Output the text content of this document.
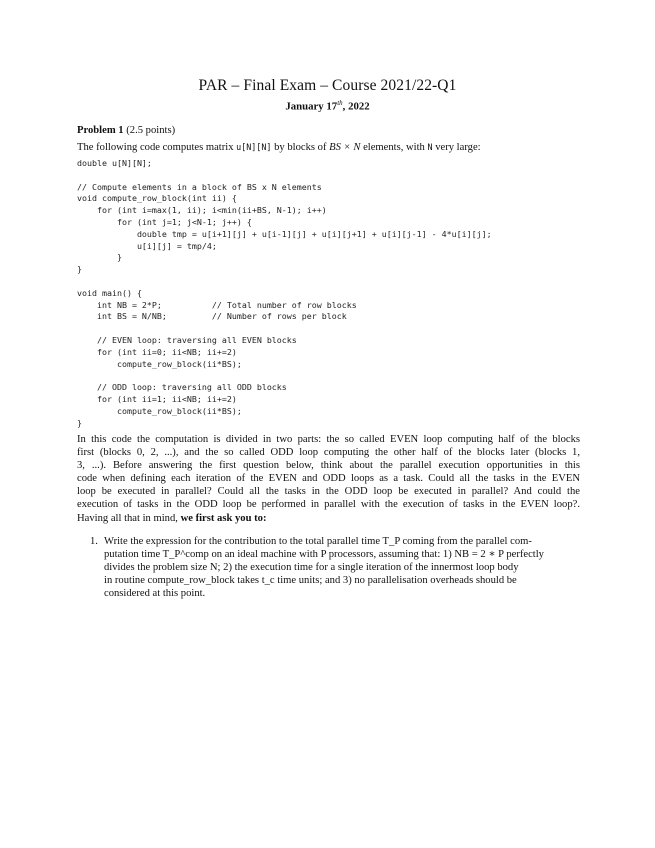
PAR – Final Exam – Course 2021/22-Q1
January 17th, 2022
Problem 1 (2.5 points)
The following code computes matrix u[N][N] by blocks of BS × N elements, with N very large:
double u[N][N];

// Compute elements in a block of BS x N elements
void compute_row_block(int ii) {
for (int i=max(1, ii); i<min(ii+BS, N-1); i++)
for (int j=1; j<N-1; j++) {
double tmp = u[i+1][j] + u[i-1][j] + u[i][j+1] + u[i][j-1] - 4*u[i][j];
u[i][j] = tmp/4;
}
}

void main() {
int NB = 2*P;          // Total number of row blocks
int BS = N/NB;         // Number of rows per block

// EVEN loop: traversing all EVEN blocks
for (int ii=0; ii<NB; ii+=2)
compute_row_block(ii*BS);

// ODD loop: traversing all ODD blocks
for (int ii=1; ii<NB; ii+=2)
compute_row_block(ii*BS);
}
In this code the computation is divided in two parts: the so called EVEN loop computing half of the blocks
first (blocks 0, 2, ...), and the so called ODD loop computing the other half of the blocks later (blocks 1,
3, ...). Before answering the first question below, think about the parallel execution opportunities in this
code when defining each iteration of the EVEN and ODD loops as a task. Could all the tasks in the EVEN
loop be executed in parallel? Could all the tasks in the ODD loop be executed in parallel? And could the
execution of tasks in the ODD loop be performed in parallel with the execution of tasks in the EVEN loop?.
Having all that in mind, we first ask you to:
1. Write the expression for the contribution to the total parallel time T_P coming from the parallel com-
putation time T_P^comp on an ideal machine with P processors, assuming that: 1) NB = 2 ∗ P perfectly
divides the problem size N; 2) the execution time for a single iteration of the innermost loop body
in routine compute_row_block takes t_c time units; and 3) no parallelisation overheads should be
considered at this point.
